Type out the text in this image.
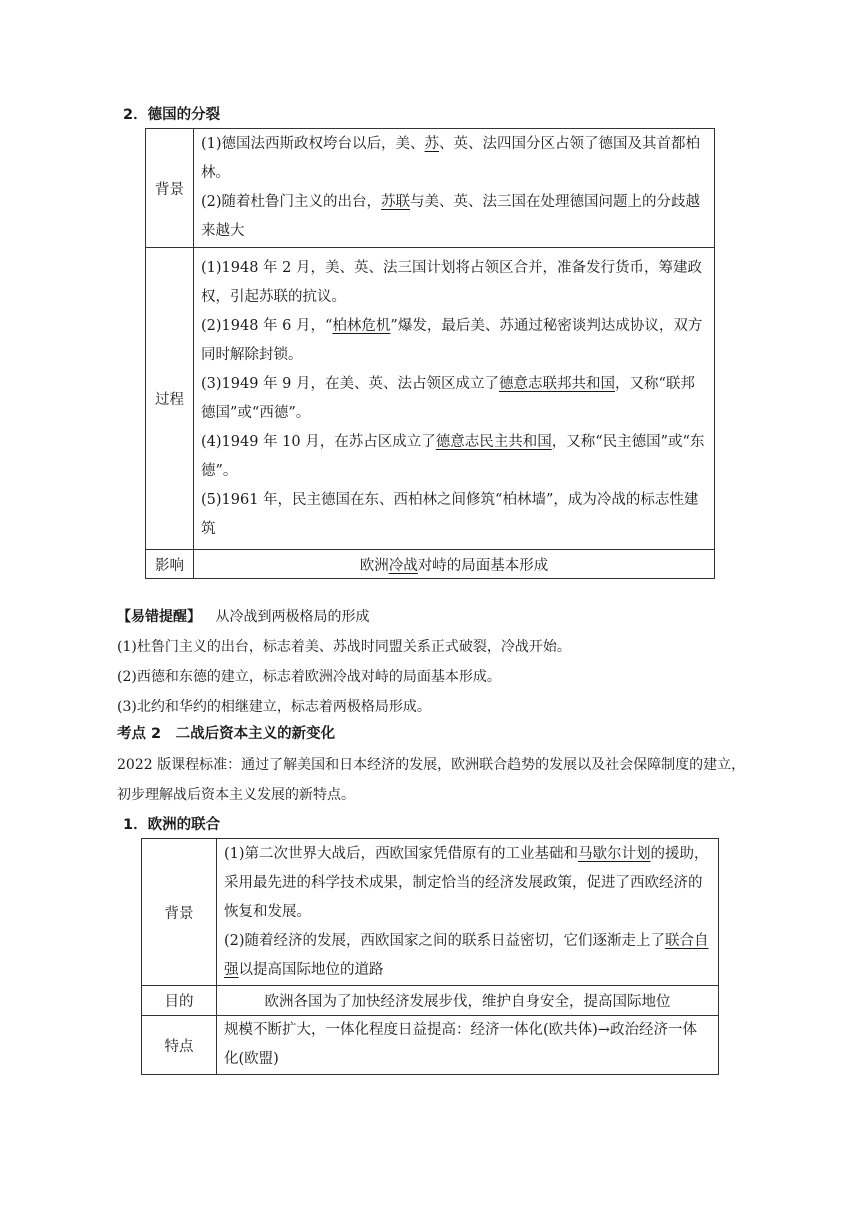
2．德国的分裂
背景	(1)德国法西斯政权垮台以后，美、苏、英、法四国分区占领了德国及其首都柏林。

(2)随着杜鲁门主义的出台，苏联与美、英、法三国在处理德国问题上的分歧越来越大

过程	(1)1948 年 2 月，美、英、法三国计划将占领区合并，准备发行货币，筹建政权，引起苏联的抗议。

(2)1948 年 6 月，“柏林危机”爆发，最后美、苏通过秘密谈判达成协议，双方同时解除封锁。

(3)1949 年 9 月，在美、英、法占领区成立了德意志联邦共和国，又称“联邦德国”或“西德”。

(4)1949 年 10 月，在苏占区成立了德意志民主共和国，又称“民主德国”或“东德”。

(5)1961 年，民主德国在东、西柏林之间修筑“柏林墙”，成为冷战的标志性建筑

影响	欧洲冷战对峙的局面基本形成
【易错提醒】 从冷战到两极格局的形成
(1)杜鲁门主义的出台，标志着美、苏战时同盟关系正式破裂，冷战开始。
(2)西德和东德的建立，标志着欧洲冷战对峙的局面基本形成。
(3)北约和华约的相继建立，标志着两极格局形成。
考点 2　二战后资本主义的新变化
2022 版课程标准：通过了解美国和日本经济的发展，欧洲联合趋势的发展以及社会保障制度的建立，初步理解战后资本主义发展的新特点。
1．欧洲的联合
背景	(1)第二次世界大战后，西欧国家凭借原有的工业基础和马歇尔计划的援助，采用最先进的科学技术成果，制定恰当的经济发展政策，促进了西欧经济的恢复和发展。

(2)随着经济的发展，西欧国家之间的联系日益密切，它们逐渐走上了联合自强以提高国际地位的道路

目的	欧洲各国为了加快经济发展步伐，维护自身安全，提高国际地位
特点	规模不断扩大，一体化程度日益提高：经济一体化(欧共体)→政治经济一体化(欧盟)
